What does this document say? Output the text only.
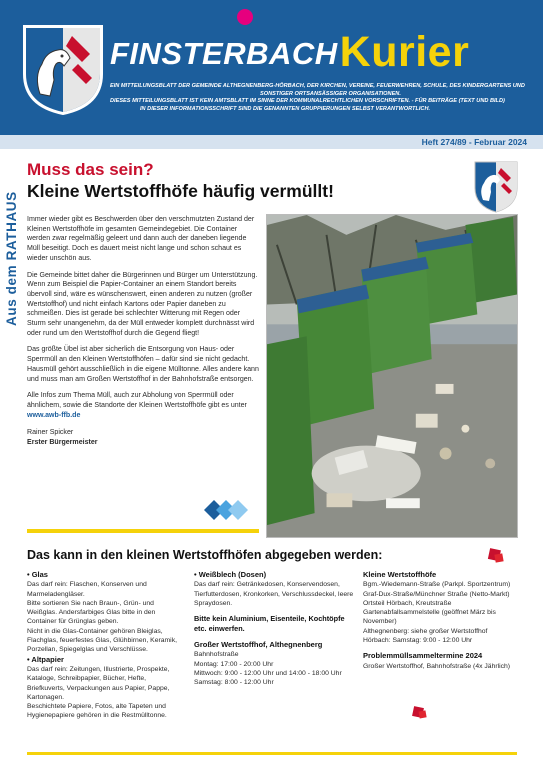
FINSTERBACH Kurier

EIN MITTEILUNGSBLATT DER GEMEINDE ALTHEGNENBERG-HÖRBACH, DER KIRCHEN, VEREINE, FEUERWEHREN, SCHULE, DES KINDERGARTENS UND

SONSTIGER ORTSANSÄSSIGER ORGANISATIONEN.

DIESES MITTEILUNGSBLATT IST KEIN AMTSBLATT IM SINNE DER KOMMUNALRECHTLICHEN VORSCHRIFTEN. - FÜR BEITRÄGE (TEXT UND BILD)

IN DIESER INFORMATIONSSCHRIFT SIND DIE GENANNTEN GRUPPIERUNGEN SELBST VERANTWORTLICH.

Heft 274/89 - Februar 2024
Aus dem RATHAUS
Muss das sein?
Kleine Wertstoffhöfe häufig vermüllt!

Immer wieder gibt es Beschwerden über den verschmutzten Zustand der Kleinen Wertstoffhöfe im gesamten Gemeindegebiet. Die Container werden zwar regelmäßig geleert und dann auch der daneben liegende Müll beseitigt. Doch es dauert meist nicht lange und schon schaut es wieder unschön aus.

Die Gemeinde bittet daher die Bürgerinnen und Bürger um Unterstützung. Wenn zum Beispiel die Papier-Container an einem Standort bereits übervoll sind, wäre es wünschenswert, einen anderen zu nutzen (großer Wertstoffhof) und nicht einfach Kartons oder Papier daneben zu schmeißen. Dies ist gerade bei schlechter Witterung mit Regen oder Sturm sehr unangenehm, da der Müll entweder komplett durchnässt wird oder rund um den Wertstoffhof durch die Gegend fliegt!

Das größte Übel ist aber sicherlich die Entsorgung von Haus- oder Sperrmüll an den Kleinen Wertstoffhöfen – dafür sind sie nicht gedacht. Hausmüll gehört ausschließlich in die eigene Mülltonne. Alles andere kann und muss man am Großen Wertstoffhof in der Bahnhofstraße entsorgen.

Alle Infos zum Thema Müll, auch zur Abholung von Sperrmüll oder ähnlichem, sowie die Standorte der Kleinen Wertstoffhöfe gibt es unter
www.awb-ffb.de

Rainer Spicker
Erster Bürgermeister
Das kann in den kleinen Wertstoffhöfen abgegeben werden:
• Glas

Das darf rein: Flaschen, Konserven und Marmeladengläser.

Bitte sortieren Sie nach Braun-, Grün- und Weißglas. Andersfarbiges Glas bitte in den Container für Grünglas geben.

Nicht in die Glas-Container gehören Bleiglas, Flachglas, feuerfestes Glas, Glühbirnen, Keramik, Porzellan, Spiegelglas und Verschlüsse.

• Altpapier

Das darf rein: Zeitungen, Illustrierte, Prospekte, Kataloge, Schreibpapier, Bücher, Hefte, Briefkuverts, Verpackungen aus Papier, Pappe, Kartonagen.

Beschichtete Papiere, Fotos, alte Tapeten und Hygienepapiere gehören in die Restmülltonne.

• Weißblech (Dosen)

Das darf rein: Getränkedosen, Konservendosen, Tierfutterdosen, Kronkorken, Verschlussdeckel, leere Spraydosen.

Bitte kein Aluminium, Eisenteile, Kochtöpfe etc. einwerfen.

Großer Wertstoffhof, Althegnenberg

Bahnhofstraße

Montag: 17:00 - 20:00 Uhr

Mittwoch: 9:00 - 12:00 Uhr und 14:00 - 18:00 Uhr

Samstag: 8:00 - 12:00 Uhr

Kleine Wertstoffhöfe

Bgm.-Wiedemann-Straße (Parkpl. Sportzentrum)

Graf-Dux-Straße/Münchner Straße (Netto-Markt)

Ortsteil Hörbach, Kreutstraße

Gartenabfallsammelstelle (geöffnet März bis November)

Althegnenberg: siehe großer Wertstoffhof

Hörbach: Samstag: 9:00 - 12:00 Uhr

Problemmüllsammeltermine 2024

Großer Wertstoffhof, Bahnhofstraße (4x Jährlich)
